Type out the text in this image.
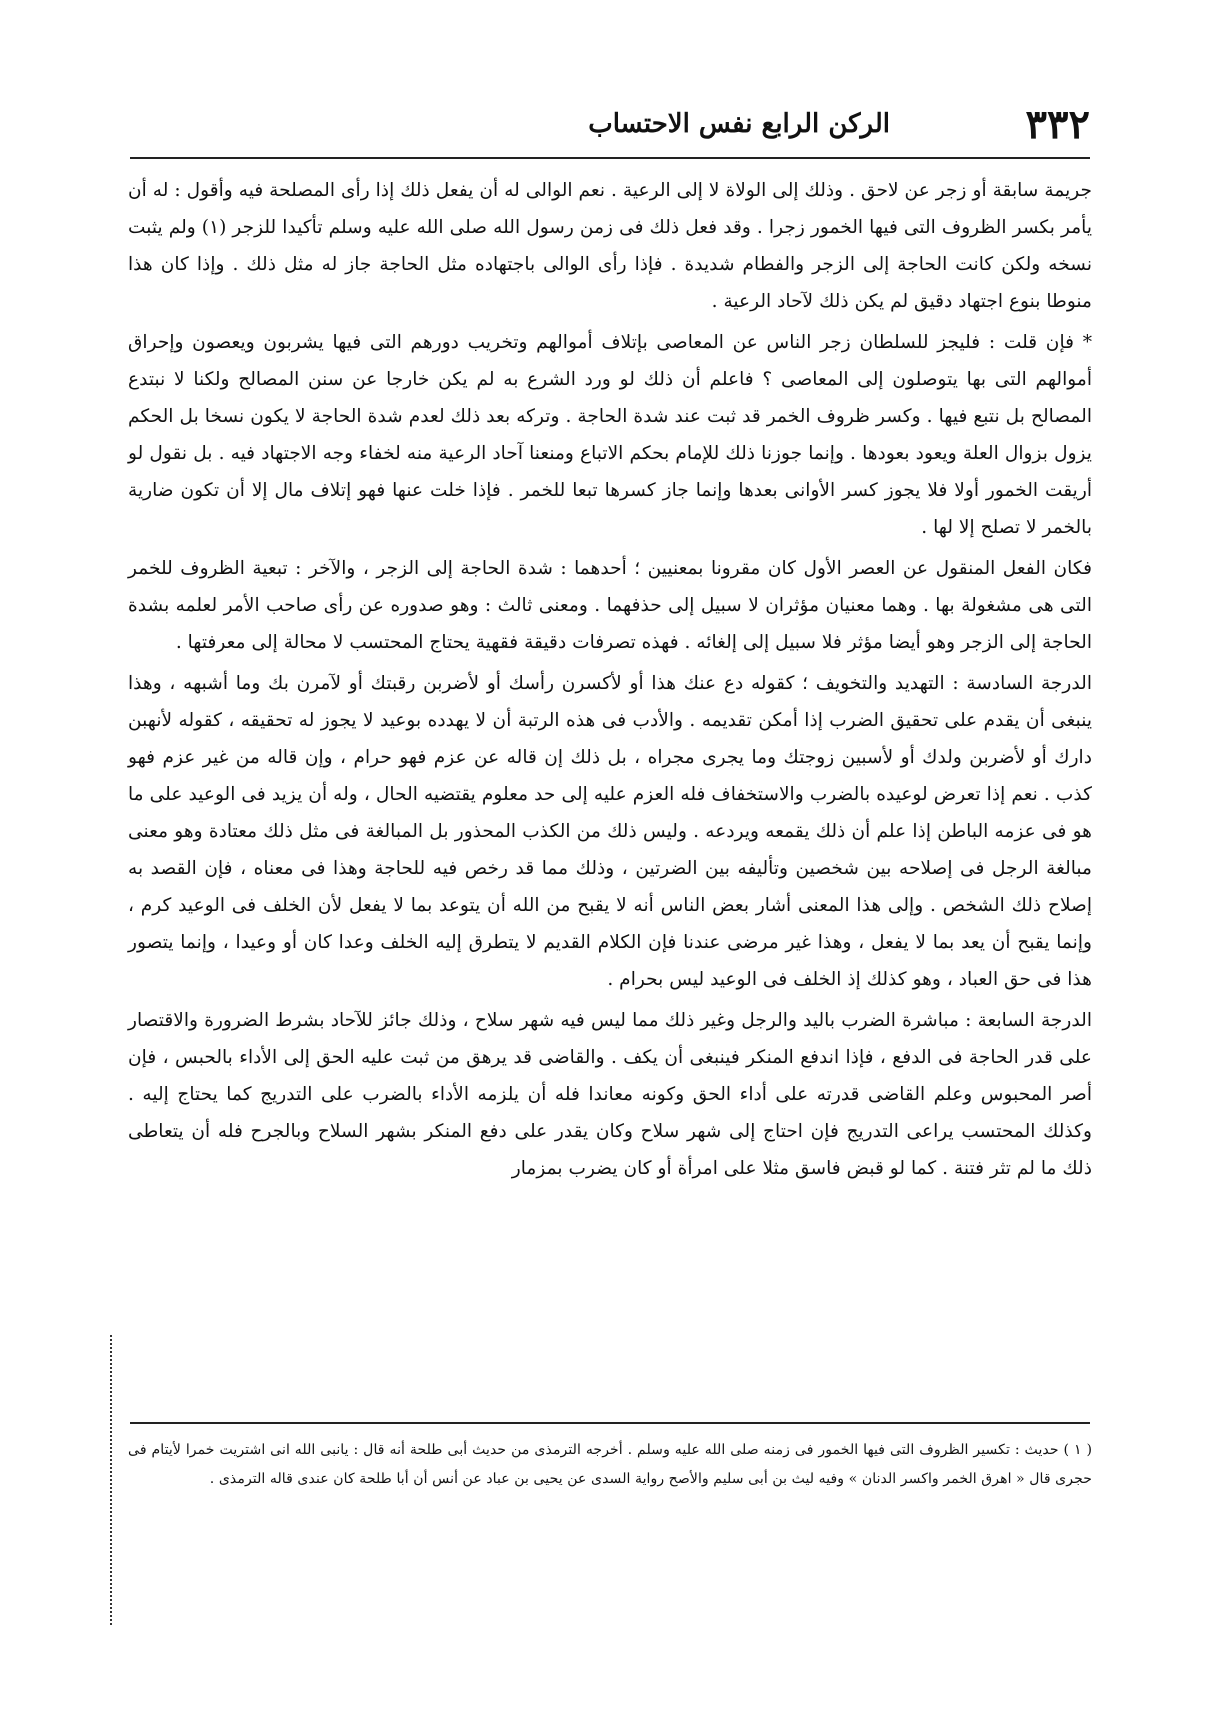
٣٣٢
الركن الرابع نفس الاحتساب

جريمة سابقة أو زجر عن لاحق . وذلك إلى الولاة لا إلى الرعية . نعم الوالى له أن يفعل ذلك إذا رأى المصلحة فيه وأقول : له أن يأمر بكسر الظروف التى فيها الخمور زجرا . وقد فعل ذلك فى زمن رسول الله صلى الله عليه وسلم تأكيدا للزجر (١) ولم يثبت نسخه ولكن كانت الحاجة إلى الزجر والفطام شديدة . فإذا رأى الوالى باجتهاده مثل الحاجة جاز له مثل ذلك . وإذا كان هذا منوطا بنوع اجتهاد دقيق لم يكن ذلك لآحاد الرعية .

* فإن قلت : فليجز للسلطان زجر الناس عن المعاصى بإتلاف أموالهم وتخريب دورهم التى فيها يشربون ويعصون وإحراق أموالهم التى بها يتوصلون إلى المعاصى ؟ فاعلم أن ذلك لو ورد الشرع به لم يكن خارجا عن سنن المصالح ولكنا لا نبتدع المصالح بل نتبع فيها . وكسر ظروف الخمر قد ثبت عند شدة الحاجة . وتركه بعد ذلك لعدم شدة الحاجة لا يكون نسخا بل الحكم يزول بزوال العلة ويعود بعودها . وإنما جوزنا ذلك للإمام بحكم الاتباع ومنعنا آحاد الرعية منه لخفاء وجه الاجتهاد فيه . بل نقول لو أريقت الخمور أولا فلا يجوز كسر الأوانى بعدها وإنما جاز كسرها تبعا للخمر . فإذا خلت عنها فهو إتلاف مال إلا أن تكون ضارية بالخمر لا تصلح إلا لها .

فكان الفعل المنقول عن العصر الأول كان مقرونا بمعنيين ؛ أحدهما : شدة الحاجة إلى الزجر ، والآخر : تبعية الظروف للخمر التى هى مشغولة بها . وهما معنيان مؤثران لا سبيل إلى حذفهما . ومعنى ثالث : وهو صدوره عن رأى صاحب الأمر لعلمه بشدة الحاجة إلى الزجر وهو أيضا مؤثر فلا سبيل إلى إلغائه . فهذه تصرفات دقيقة فقهية يحتاج المحتسب لا محالة إلى معرفتها .

الدرجة السادسة : التهديد والتخويف ؛ كقوله دع عنك هذا أو لأكسرن رأسك أو لأضربن رقبتك أو لآمرن بك وما أشبهه ، وهذا ينبغى أن يقدم على تحقيق الضرب إذا أمكن تقديمه . والأدب فى هذه الرتبة أن لا يهدده بوعيد لا يجوز له تحقيقه ، كقوله لأنهبن دارك أو لأضربن ولدك أو لأسبين زوجتك وما يجرى مجراه ، بل ذلك إن قاله عن عزم فهو حرام ، وإن قاله من غير عزم فهو كذب . نعم إذا تعرض لوعيده بالضرب والاستخفاف فله العزم عليه إلى حد معلوم يقتضيه الحال ، وله أن يزيد فى الوعيد على ما هو فى عزمه الباطن إذا علم أن ذلك يقمعه ويردعه . وليس ذلك من الكذب المحذور بل المبالغة فى مثل ذلك معتادة وهو معنى مبالغة الرجل فى إصلاحه بين شخصين وتأليفه بين الضرتين ، وذلك مما قد رخص فيه للحاجة وهذا فى معناه ، فإن القصد به إصلاح ذلك الشخص . وإلى هذا المعنى أشار بعض الناس أنه لا يقبح من الله أن يتوعد بما لا يفعل لأن الخلف فى الوعيد كرم ، وإنما يقبح أن يعد بما لا يفعل ، وهذا غير مرضى عندنا فإن الكلام القديم لا يتطرق إليه الخلف وعدا كان أو وعيدا ، وإنما يتصور هذا فى حق العباد ، وهو كذلك إذ الخلف فى الوعيد ليس بحرام .

الدرجة السابعة : مباشرة الضرب باليد والرجل وغير ذلك مما ليس فيه شهر سلاح ، وذلك جائز للآحاد بشرط الضرورة والاقتصار على قدر الحاجة فى الدفع ، فإذا اندفع المنكر فينبغى أن يكف . والقاضى قد يرهق من ثبت عليه الحق إلى الأداء بالحبس ، فإن أصر المحبوس وعلم القاضى قدرته على أداء الحق وكونه معاندا فله أن يلزمه الأداء بالضرب على التدريج كما يحتاج إليه . وكذلك المحتسب يراعى التدريج فإن احتاج إلى شهر سلاح وكان يقدر على دفع المنكر بشهر السلاح وبالجرح فله أن يتعاطى ذلك ما لم تثر فتنة . كما لو قبض فاسق مثلا على امرأة أو كان يضرب بمزمار

( ١ ) حديث : تكسير الظروف التى فيها الخمور فى زمنه صلى الله عليه وسلم . أخرجه الترمذى من حديث أبى طلحة أنه قال : يانبى الله انى اشتريت خمرا لأيتام فى حجرى قال « اهرق الخمر واكسر الدنان » وفيه ليث بن أبى سليم والأصح رواية السدى عن يحيى بن عباد عن أنس أن أبا طلحة كان عندى قاله الترمذى .
